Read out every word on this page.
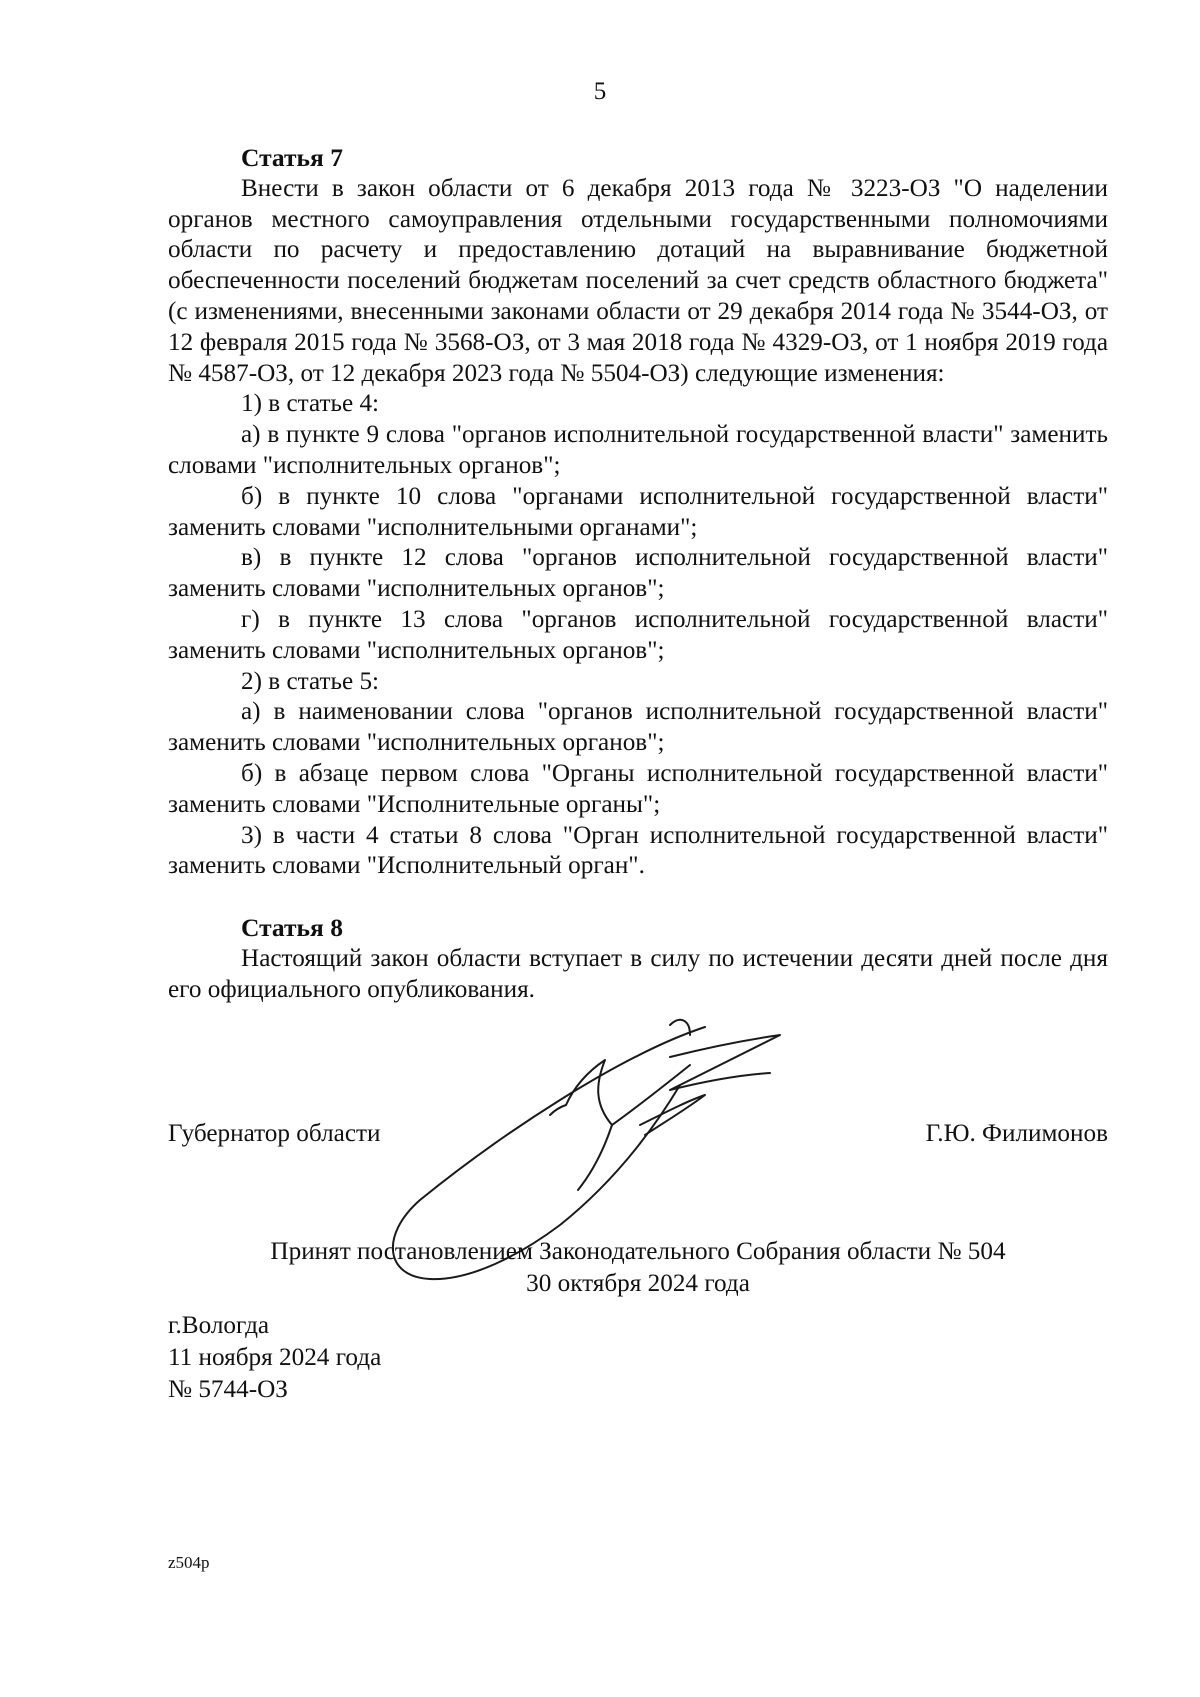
5
Статья 7

Внести в закон области от 6 декабря 2013 года № 3223-ОЗ "О наделении органов местного самоуправления отдельными государственными полномочиями области по расчету и предоставлению дотаций на выравнивание бюджетной обеспеченности поселений бюджетам поселений за счет средств областного бюджета" (с изменениями, внесенными законами области от 29 декабря 2014 года № 3544-ОЗ, от 12 февраля 2015 года № 3568-ОЗ, от 3 мая 2018 года № 4329-ОЗ, от 1 ноября 2019 года № 4587-ОЗ, от 12 декабря 2023 года № 5504-ОЗ) следующие изменения:

1) в статье 4:

а) в пункте 9 слова "органов исполнительной государственной власти" заменить словами "исполнительных органов";

б) в пункте 10 слова "органами исполнительной государственной власти" заменить словами "исполнительными органами";

в) в пункте 12 слова "органов исполнительной государственной власти" заменить словами "исполнительных органов";

г) в пункте 13 слова "органов исполнительной государственной власти" заменить словами "исполнительных органов";

2) в статье 5:

а) в наименовании слова "органов исполнительной государственной власти" заменить словами "исполнительных органов";

б) в абзаце первом слова "Органы исполнительной государственной власти" заменить словами "Исполнительные органы";

3) в части 4 статьи 8 слова "Орган исполнительной государственной власти" заменить словами "Исполнительный орган".

Статья 8

Настоящий закон области вступает в силу по истечении десяти дней после дня его официального опубликования.

Губернатор области	Г.Ю. Филимонов
Принят постановлением Законодательного Собрания области № 504
30 октября 2024 года
г.Вологда
11 ноября 2024 года
№ 5744-ОЗ
z504p
